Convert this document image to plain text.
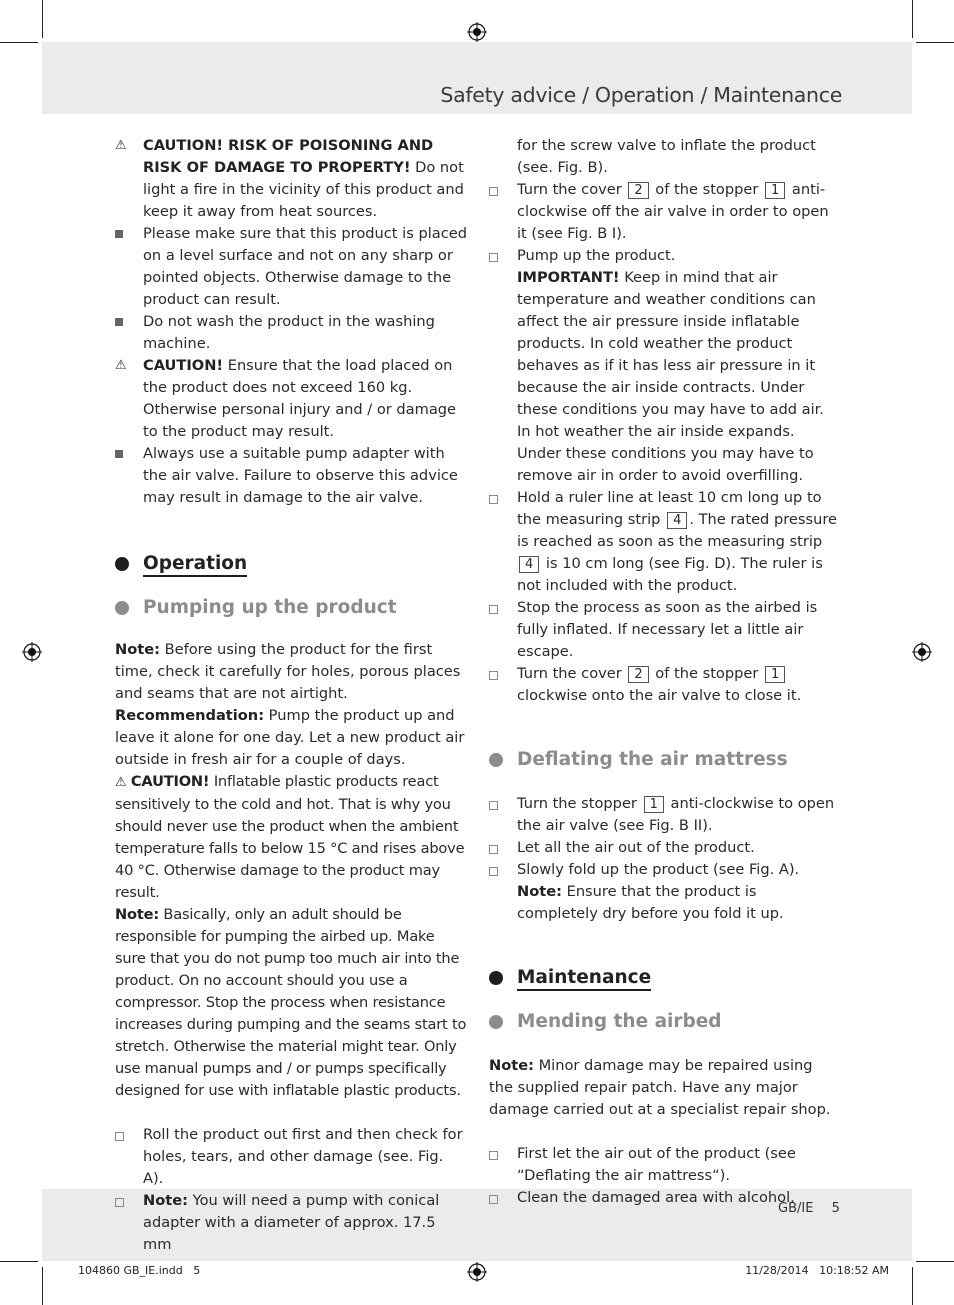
Safety advice / Operation / Maintenance
⚠	CAUTION! RISK OF POISONING AND RISK OF DAMAGE TO PROPERTY! Do not light a fire in the vicinity of this product and keep it away from heat sources.
Please make sure that this product is placed on a level surface and not on any sharp or pointed objects. Otherwise damage to the product can result.
Do not wash the product in the washing machine.
⚠	CAUTION! Ensure that the load placed on the product does not exceed 160 kg. Otherwise personal injury and / or damage to the product may result.
Always use a suitable pump adapter with the air valve. Failure to observe this advice may result in damage to the air valve.
Operation
Pumping up the product
Note: Before using the product for the first time, check it carefully for holes, porous places and seams that are not airtight.
Recommendation: Pump the product up and leave it alone for one day. Let a new product air outside in fresh air for a couple of days.
⚠ CAUTION! Inflatable plastic products react sensitively to the cold and hot. That is why you should never use the product when the ambient temperature falls to below 15 °C and rises above 40 °C. Otherwise damage to the product may result.
Note: Basically, only an adult should be responsible for pumping the airbed up. Make sure that you do not pump too much air into the product. On no account should you use a compressor. Stop the process when resistance increases during pumping and the seams start to stretch. Otherwise the material might tear. Only use manual pumps and / or pumps specifically designed for use with inflatable plastic products.
Roll the product out first and then check for holes, tears, and other damage (see. Fig. A).
Note: You will need a pump with conical adapter with a diameter of approx. 17.5 mm
for the screw valve to inflate the product (see. Fig. B).
Turn the cover 2 of the stopper 1 anti-clockwise off the air valve in order to open it (see Fig. B I).
Pump up the product.
IMPORTANT! Keep in mind that air temperature and weather conditions can affect the air pressure inside inflatable products. In cold weather the product behaves as if it has less air pressure in it because the air inside contracts. Under these conditions you may have to add air. In hot weather the air inside expands. Under these conditions you may have to remove air in order to avoid overfilling.
Hold a ruler line at least 10 cm long up to the measuring strip 4 . The rated pressure is reached as soon as the measuring strip 4 is 10 cm long (see Fig. D). The ruler is not included with the product.
Stop the process as soon as the airbed is fully inflated. If necessary let a little air escape.
Turn the cover 2 of the stopper 1 clockwise onto the air valve to close it.
Deflating the air mattress
Turn the stopper 1 anti-clockwise to open the air valve (see Fig. B II).
Let all the air out of the product.
Slowly fold up the product (see Fig. A).
Note: Ensure that the product is completely dry before you fold it up.
Maintenance
Mending the airbed
Note: Minor damage may be repaired using the supplied repair patch. Have any major damage carried out at a specialist repair shop.
First let the air out of the product (see “Deflating the air mattress“).
Clean the damaged area with alcohol.
GB/IE 5
104860 GB_IE.indd   5	11/28/2014   10:18:52 AM
